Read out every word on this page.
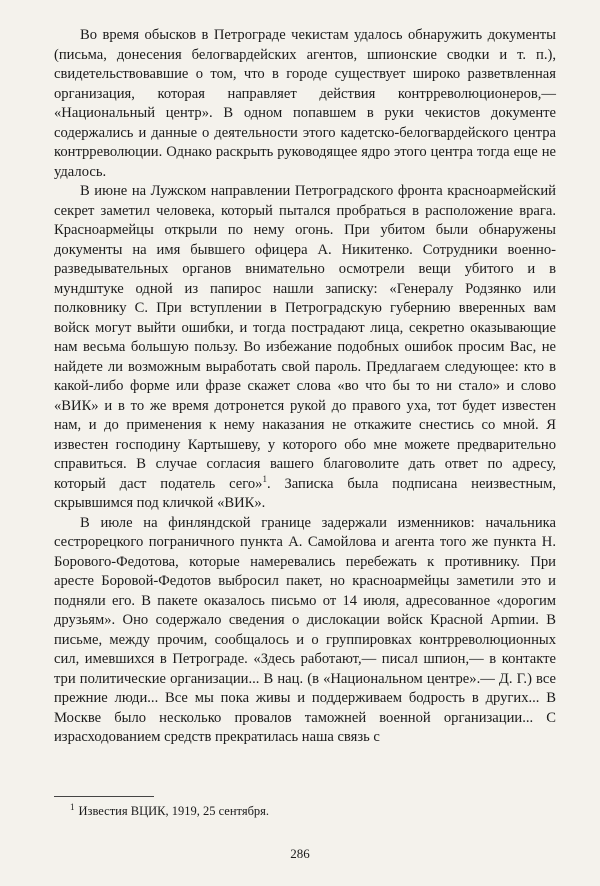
Во время обысков в Петрограде чекистам удалось обнаружить документы (письма, донесения белогвардейских агентов, шпионские сводки и т. п.), свидетельствовавшие о том, что в городе существует широко разветвленная организация, которая направляет действия контрреволюционеров,— «Национальный центр». В одном попавшем в руки чекистов документе содержались и данные о деятельности этого кадетско-белогвардейского центра контрреволюции. Однако раскрыть руководящее ядро этого центра тогда еще не удалось.

В июне на Лужском направлении Петроградского фронта красноармейский секрет заметил человека, который пытался пробраться в расположение врага. Красноармейцы открыли по нему огонь. При убитом были обнаружены документы на имя бывшего офицера А. Никитенко. Сотрудники военно-разведывательных органов внимательно осмотрели вещи убитого и в мундштуке одной из папирос нашли записку: «Генералу Родзянко или полковнику С. При вступлении в Петроградскую губернию вверенных вам войск могут выйти ошибки, и тогда пострадают лица, секретно оказывающие нам весьма большую пользу. Во избежание подобных ошибок просим Вас, не найдете ли возможным выработать свой пароль. Предлагаем следующее: кто в какой-либо форме или фразе скажет слова «во что бы то ни стало» и слово «ВИК» и в то же время дотронется рукой до правого уха, тот будет известен нам, и до применения к нему наказания не откажите снестись со мной. Я известен господину Картышеву, у которого обо мне можете предварительно справиться. В случае согласия вашего благоволите дать ответ по адресу, который даст податель сего»$^1$. Записка была подписана неизвестным, скрывшимся под кличкой «ВИК».

В июле на финляндской границе задержали изменников: начальника сестрорецкого пограничного пункта А. Самойлова и агента того же пункта Н. Борового-Федотова, которые намеревались перебежать к противнику. При аресте Боровой-Федотов выбросил пакет, но красноармейцы заметили это и подняли его. В пакете оказалось письмо от 14 июля, адресованное «дорогим друзьям». Оно содержало сведения о дислокации войск Красной Арmии. В письме, между прочим, сообщалось и о группировках контрреволюционных сил, имевшихся в Петрограде. «Здесь работают,— писал шпион,— в контакте три политические организации... В нац. (в «Национальном центре».— Д. Г.) все прежние люди... Все мы пока живы и поддерживаем бодрость в других... В Москве было несколько провалов таможней военной организации... С израсходованием средств прекратилась наша связь с

$^1$ Известия ВЦИК, 1919, 25 сентября.
286
